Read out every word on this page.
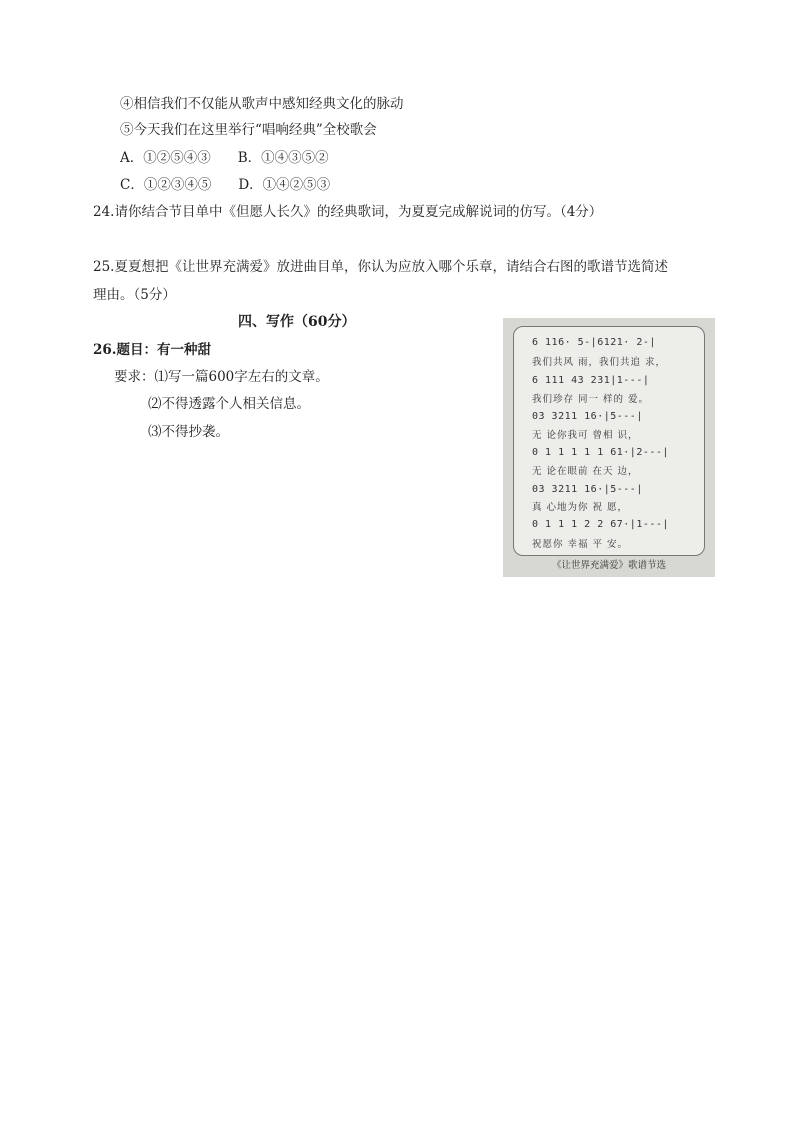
④相信我们不仅能从歌声中感知经典文化的脉动
⑤今天我们在这里举行“唱响经典”全校歌会
A．①②⑤④③　　B．①④③⑤②
C．①②③④⑤　　D．①④②⑤③
24.请你结合节目单中《但愿人长久》的经典歌词，为夏夏完成解说词的仿写。（4分）
25.夏夏想把《让世界充满爱》放进曲目单，你认为应放入哪个乐章，请结合右图的歌谱节选简述
理由。（5分）
四、写作（60分）
26.题目：有一种甜
要求：⑴写一篇600字左右的文章。
⑵不得透露个人相关信息。
⑶不得抄袭。
6 116· 5-|6121· 2-|
我们共风 雨，我们共追 求，
6 111 43 231|1---|
我们珍存 同一 样的 爱。
03 3211 16·|5---|
无 论你我可 曾相 识，
0 1 1 1 1 1 61·|2---|
无 论在眼前 在天 边，
03 3211 16·|5---|
真 心地为你 祝 愿，
0 1 1 1 2 2 67·|1---|
祝愿你 幸福 平 安。
《让世界充满爱》歌谱节选
